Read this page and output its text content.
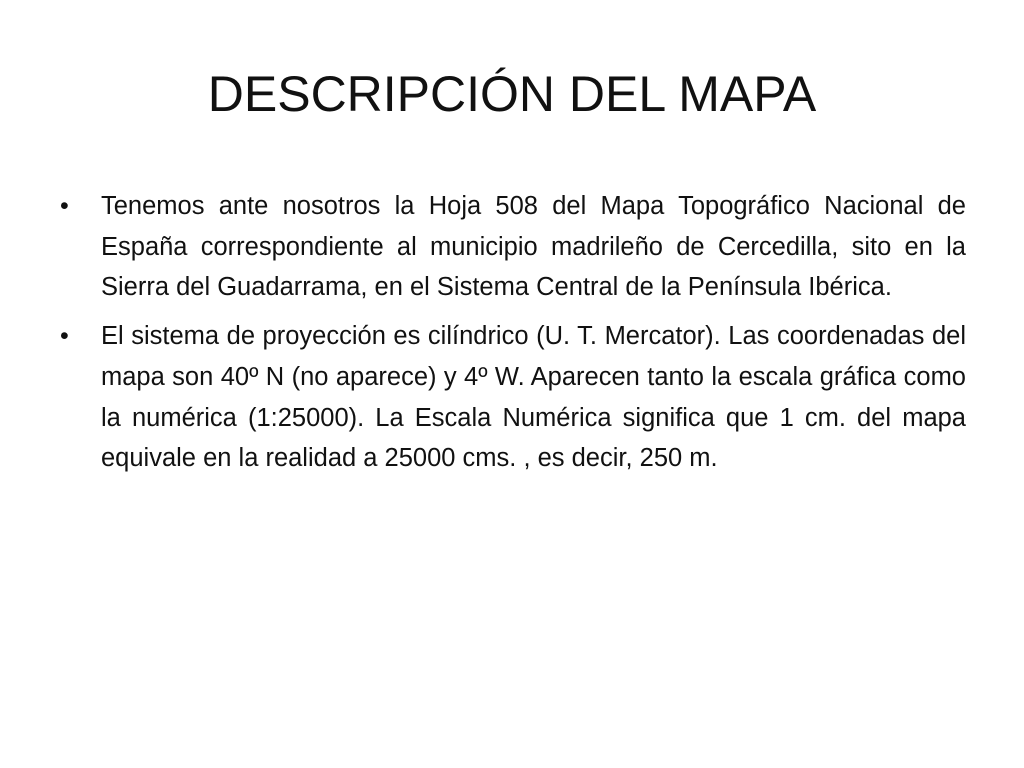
DESCRIPCIÓN DEL MAPA
• Tenemos ante nosotros la Hoja 508 del Mapa Topográfico Nacional de España correspondiente al municipio madrileño de Cercedilla, sito en la Sierra del Guadarrama, en el Sistema Central de la Península Ibérica.
• El sistema de proyección es cilíndrico (U. T. Mercator). Las coordenadas del mapa son 40º N (no aparece) y 4º W. Aparecen tanto la escala gráfica como la numérica (1:25000). La Escala Numérica significa que 1 cm. del mapa equivale en la realidad a 25000 cms. , es decir, 250 m.
